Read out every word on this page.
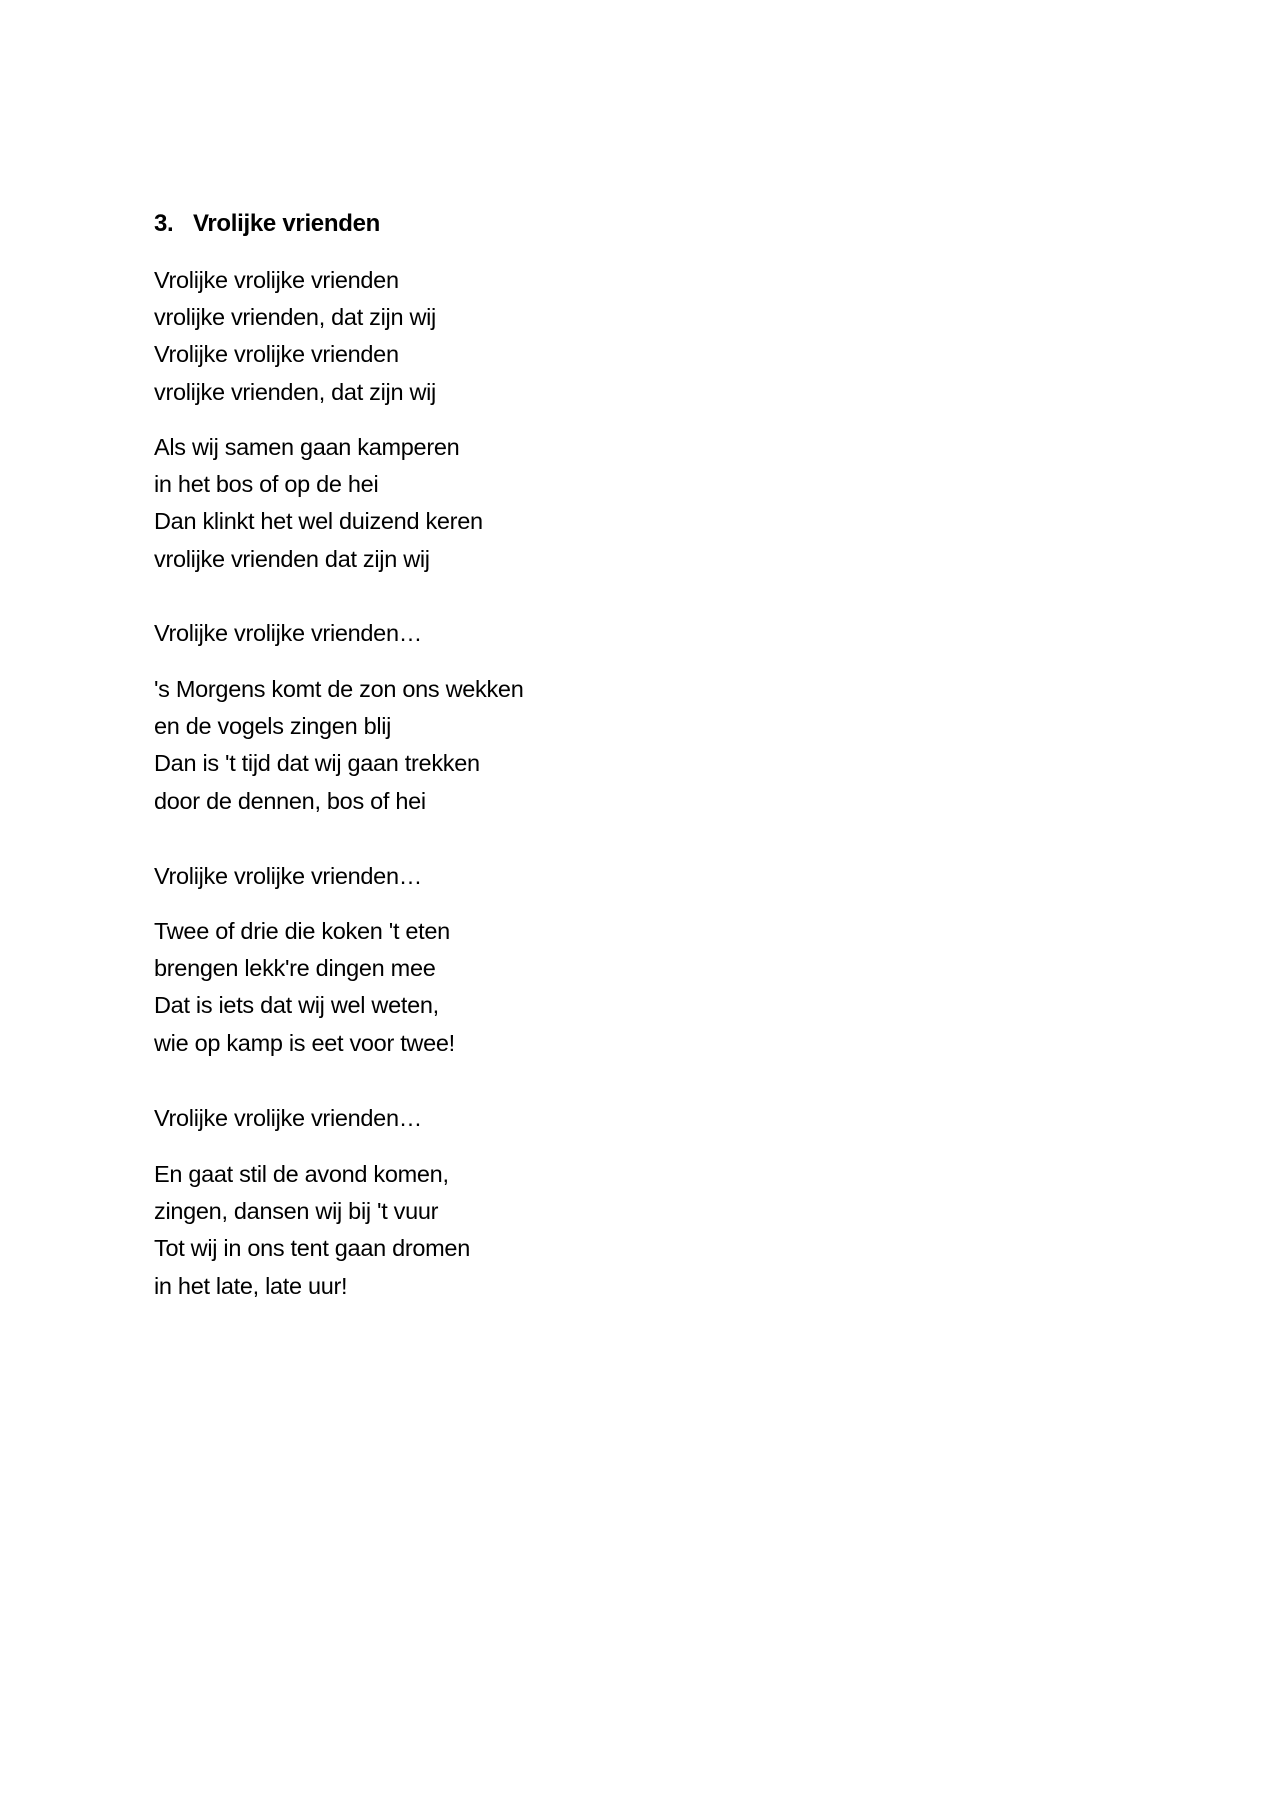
3. Vrolijke vrienden
Vrolijke vrolijke vrienden
vrolijke vrienden, dat zijn wij
Vrolijke vrolijke vrienden
vrolijke vrienden, dat zijn wij
Als wij samen gaan kamperen
in het bos of op de hei
Dan klinkt het wel duizend keren
vrolijke vrienden dat zijn wij
Vrolijke vrolijke vrienden…
's Morgens komt de zon ons wekken
en de vogels zingen blij
Dan is 't tijd dat wij gaan trekken
door de dennen, bos of hei
Vrolijke vrolijke vrienden…
Twee of drie die koken 't eten
brengen lekk're dingen mee
Dat is iets dat wij wel weten,
wie op kamp is eet voor twee!
Vrolijke vrolijke vrienden…
En gaat stil de avond komen,
zingen, dansen wij bij 't vuur
Tot wij in ons tent gaan dromen
in het late, late uur!
